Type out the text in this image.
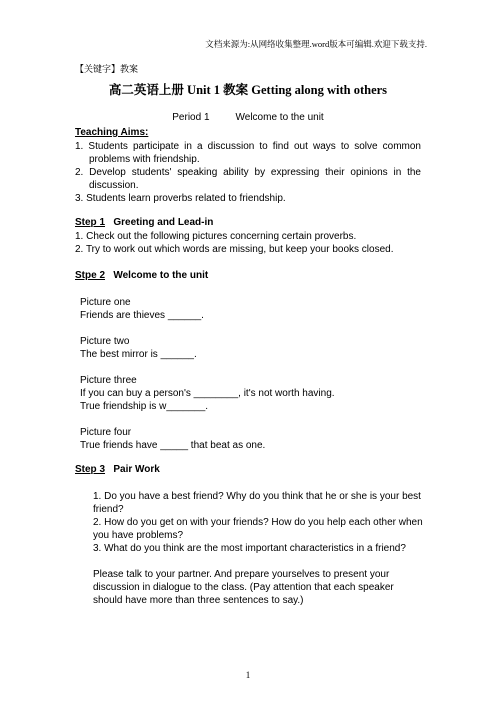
文档来源为:从网络收集整理.word版本可编辑.欢迎下载支持.
【关键字】教案
高二英语上册 Unit 1 教案 Getting along with others
Period 1	Welcome to the unit
Teaching Aims:
1. Students participate in a discussion to find out ways to solve common problems with friendship.
2. Develop students' speaking ability by expressing their opinions in the discussion.
3. Students learn proverbs related to friendship.
Step 1 Greeting and Lead-in
1. Check out the following pictures concerning certain proverbs.
2. Try to work out which words are missing, but keep your books closed.
Stpe 2 Welcome to the unit
Picture one
Friends are thieves ______.
Picture two
The best mirror is ______.
Picture three
If you can buy a person's ________, it's not worth having.
True friendship is w_______.
Picture four
True friends have _____ that beat as one.
Step 3 Pair Work
1. Do you have a best friend? Why do you think that he or she is your best friend?
2. How do you get on with your friends? How do you help each other when you have problems?
3. What do you think are the most important characteristics in a friend?
Please talk to your partner. And prepare yourselves to present your discussion in dialogue to the class. (Pay attention that each speaker should have more than three sentences to say.)
1
